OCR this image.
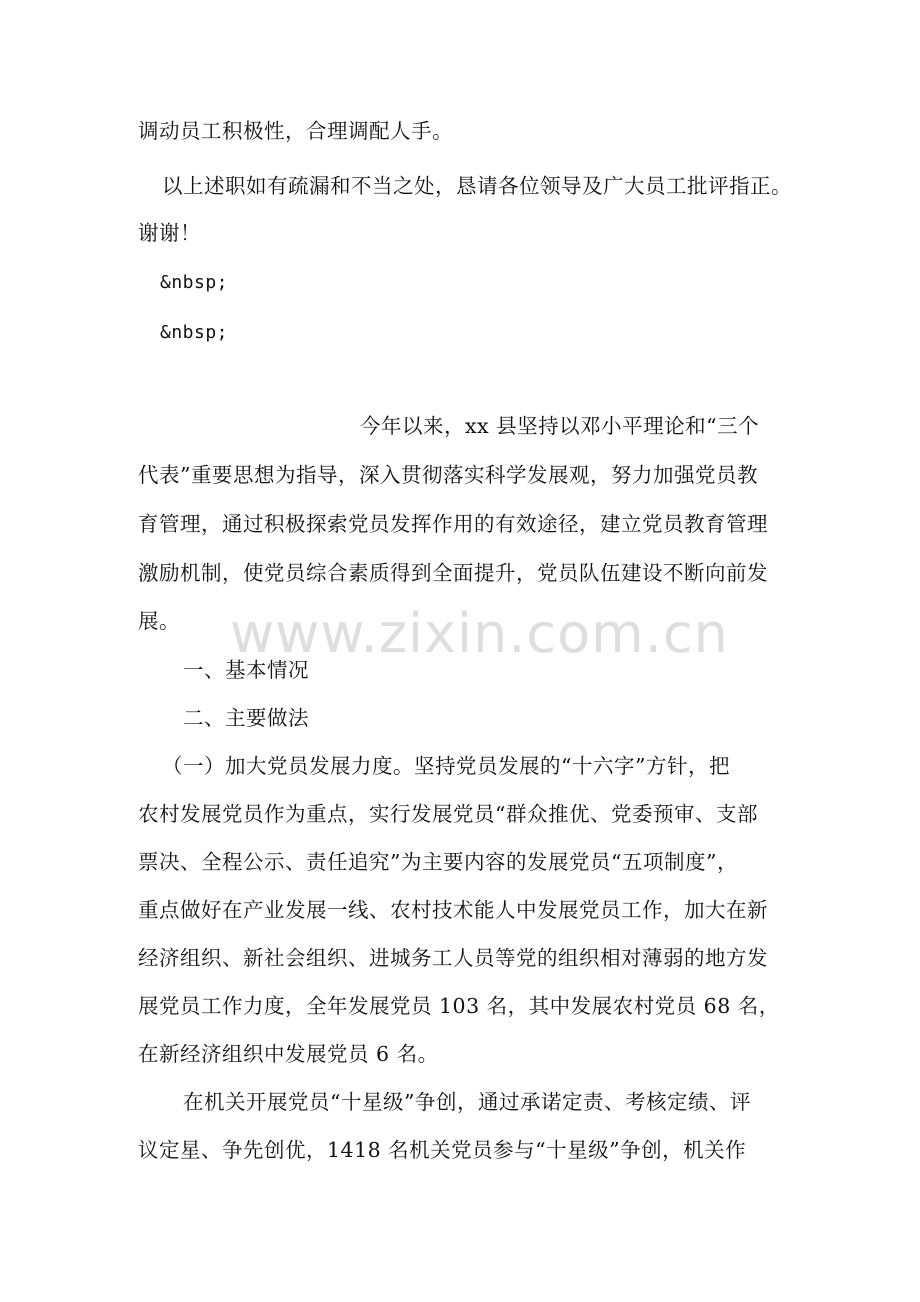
调动员工积极性，合理调配人手。
以上述职如有疏漏和不当之处，恳请各位领导及广大员工批评指正。
谢谢！
&nbsp;
&nbsp;
今年以来，xx 县坚持以邓小平理论和“三个
代表”重要思想为指导，深入贯彻落实科学发展观，努力加强党员教
育管理，通过积极探索党员发挥作用的有效途径，建立党员教育管理
激励机制，使党员综合素质得到全面提升，党员队伍建设不断向前发
展。
一、基本情况
二、主要做法
（一）加大党员发展力度。坚持党员发展的“十六字”方针，把
农村发展党员作为重点，实行发展党员“群众推优、党委预审、支部
票决、全程公示、责任追究”为主要内容的发展党员“五项制度”，
重点做好在产业发展一线、农村技术能人中发展党员工作，加大在新
经济组织、新社会组织、进城务工人员等党的组织相对薄弱的地方发
展党员工作力度，全年发展党员 103 名，其中发展农村党员 68 名，
在新经济组织中发展党员 6 名。
在机关开展党员“十星级”争创，通过承诺定责、考核定绩、评
议定星、争先创优，1418 名机关党员参与“十星级”争创，机关作
www.zixin.com.cn
